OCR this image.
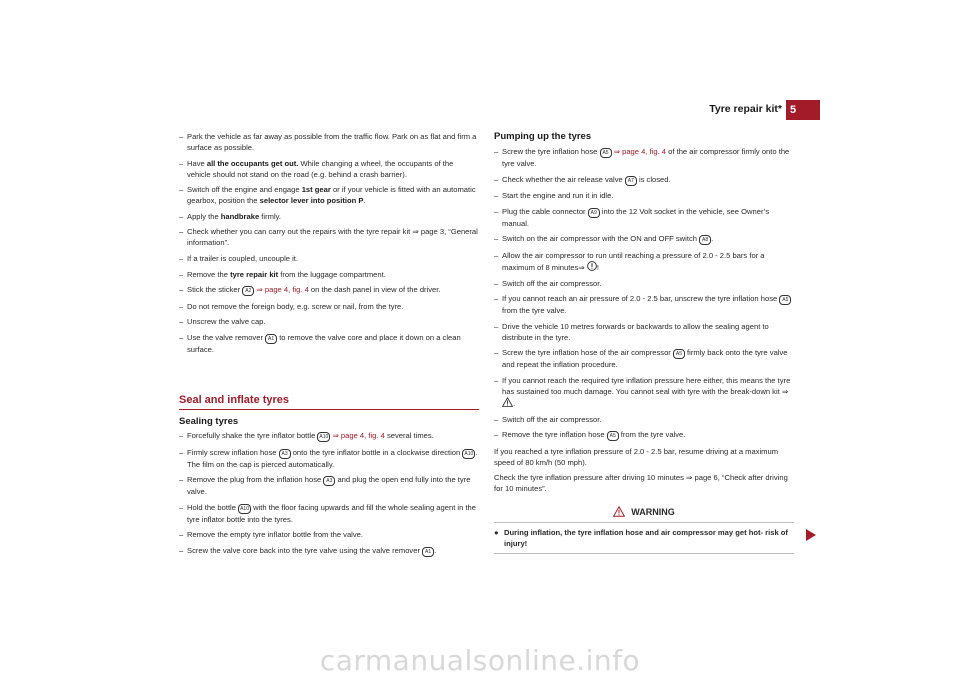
Tyre repair kit* 5
– Park the vehicle as far away as possible from the traffic flow. Park on as flat and firm a surface as possible.
– Have all the occupants get out. While changing a wheel, the occupants of the vehicle should not stand on the road (e.g. behind a crash barrier).
– Switch off the engine and engage 1st gear or if your vehicle is fitted with an automatic gearbox, position the selector lever into position P.
– Apply the handbrake firmly.
– Check whether you can carry out the repairs with the tyre repair kit ⇒ page 3, “General information”.
– If a trailer is coupled, uncouple it.
– Remove the tyre repair kit from the luggage compartment.
– Stick the sticker A2 ⇒ page 4, fig. 4 on the dash panel in view of the driver.
– Do not remove the foreign body, e.g. screw or nail, from the tyre.
– Unscrew the valve cap.
– Use the valve remover A1 to remove the valve core and place it down on a clean surface.
Seal and inflate tyres
Sealing tyres
– Forcefully shake the tyre inflator bottle A10 ⇒ page 4, fig. 4 several times.
– Firmly screw inflation hose A3 onto the tyre inflator bottle in a clockwise direction A10 . The film on the cap is pierced automatically.
– Remove the plug from the inflation hose A3 and plug the open end fully into the tyre valve.
– Hold the bottle A10 with the floor facing upwards and fill the whole sealing agent in the tyre inflator bottle into the tyres.
– Remove the empty tyre inflator bottle from the valve.
– Screw the valve core back into the tyre valve using the valve remover A1 .
Pumping up the tyres
– Screw the tyre inflation hose A5 ⇒ page 4, fig. 4 of the air compressor firmly onto the tyre valve.
– Check whether the air release valve A7 is closed.
– Start the engine and run it in idle.
– Plug the cable connector A9 into the 12 Volt socket in the vehicle, see Owner’s manual.
– Switch on the air compressor with the ON and OFF switch A8 .
– Allow the air compressor to run until reaching a pressure of 2.0 - 2.5 bars for a maximum of 8 minutes⇒ !
– Switch off the air compressor.
– If you cannot reach an air pressure of 2.0 - 2.5 bar, unscrew the tyre inflation hose A5 from the tyre valve.
– Drive the vehicle 10 metres forwards or backwards to allow the sealing agent to distribute in the tyre.
– Screw the tyre inflation hose of the air compressor A5 firmly back onto the tyre valve and repeat the inflation procedure.
– If you cannot reach the required tyre inflation pressure here either, this means the tyre has sustained too much damage. You cannot seal with tyre with the break-down kit ⇒ .
– Switch off the air compressor.
– Remove the tyre inflation hose A5 from the tyre valve.
If you reached a tyre inflation pressure of 2.0 - 2.5 bar, resume driving at a maximum speed of 80 km/h (50 mph).
Check the tyre inflation pressure after driving 10 minutes ⇒ page 6, “Check after driving for 10 minutes”.
WARNING
● During inflation, the tyre inflation hose and air compressor may get hot- risk of injury!
carmanualsonline.info
